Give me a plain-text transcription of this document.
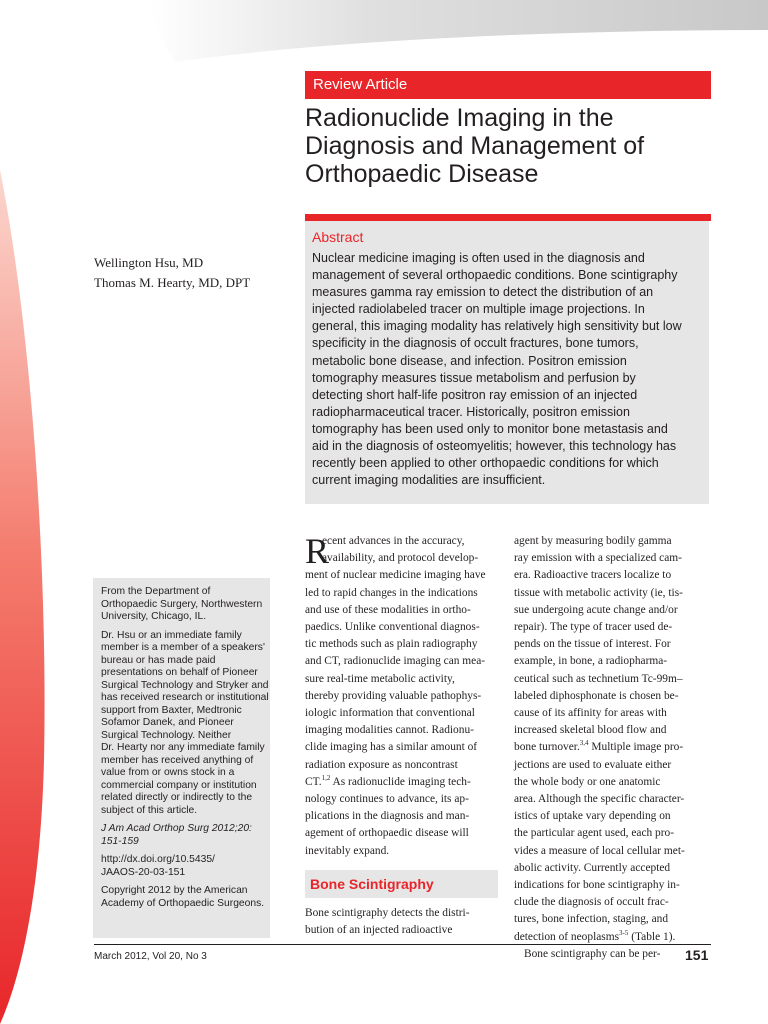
Review Article
Radionuclide Imaging in the
Diagnosis and Management of
Orthopaedic Disease
Wellington Hsu, MD
Thomas M. Hearty, MD, DPT
Abstract
Nuclear medicine imaging is often used in the diagnosis and
management of several orthopaedic conditions. Bone scintigraphy
measures gamma ray emission to detect the distribution of an
injected radiolabeled tracer on multiple image projections. In
general, this imaging modality has relatively high sensitivity but low
specificity in the diagnosis of occult fractures, bone tumors,
metabolic bone disease, and infection. Positron emission
tomography measures tissue metabolism and perfusion by
detecting short half-life positron ray emission of an injected
radiopharmaceutical tracer. Historically, positron emission
tomography has been used only to monitor bone metastasis and
aid in the diagnosis of osteomyelitis; however, this technology has
recently been applied to other orthopaedic conditions for which
current imaging modalities are insufficient.

From the Department of
Orthopaedic Surgery, Northwestern
University, Chicago, IL.

Dr. Hsu or an immediate family
member is a member of a speakers'
bureau or has made paid
presentations on behalf of Pioneer
Surgical Technology and Stryker and
has received research or institutional
support from Baxter, Medtronic
Sofamor Danek, and Pioneer
Surgical Technology. Neither
Dr. Hearty nor any immediate family
member has received anything of
value from or owns stock in a
commercial company or institution
related directly or indirectly to the
subject of this article.

J Am Acad Orthop Surg 2012;20:
151-159

http://dx.doi.org/10.5435/
JAAOS-20-03-151

Copyright 2012 by the American
Academy of Orthopaedic Surgeons.

R
ecent advances in the accuracy,
availability, and protocol develop-
ment of nuclear medicine imaging have
led to rapid changes in the indications
and use of these modalities in ortho-
paedics. Unlike conventional diagnos-
tic methods such as plain radiography
and CT, radionuclide imaging can mea-
sure real-time metabolic activity,
thereby providing valuable pathophys-
iologic information that conventional
imaging modalities cannot. Radionu-
clide imaging has a similar amount of
radiation exposure as noncontrast
CT.$^{1,2}$ As radionuclide imaging tech-
nology continues to advance, its ap-
plications in the diagnosis and man-
agement of orthopaedic disease will
inevitably expand.
Bone Scintigraphy
Bone scintigraphy detects the distri-
bution of an injected radioactive
agent by measuring bodily gamma
ray emission with a specialized cam-
era. Radioactive tracers localize to
tissue with metabolic activity (ie, tis-
sue undergoing acute change and/or
repair). The type of tracer used de-
pends on the tissue of interest. For
example, in bone, a radiopharma-
ceutical such as technetium Tc-99m–
labeled diphosphonate is chosen be-
cause of its affinity for areas with
increased skeletal blood flow and
bone turnover.$^{3,4}$ Multiple image pro-
jections are used to evaluate either
the whole body or one anatomic
area. Although the specific character-
istics of uptake vary depending on
the particular agent used, each pro-
vides a measure of local cellular met-
abolic activity. Currently accepted
indications for bone scintigraphy in-
clude the diagnosis of occult frac-
tures, bone infection, staging, and
detection of neoplasms$^{3-5}$ (Table 1).
Bone scintigraphy can be per-
March 2012, Vol 20, No 3	151
